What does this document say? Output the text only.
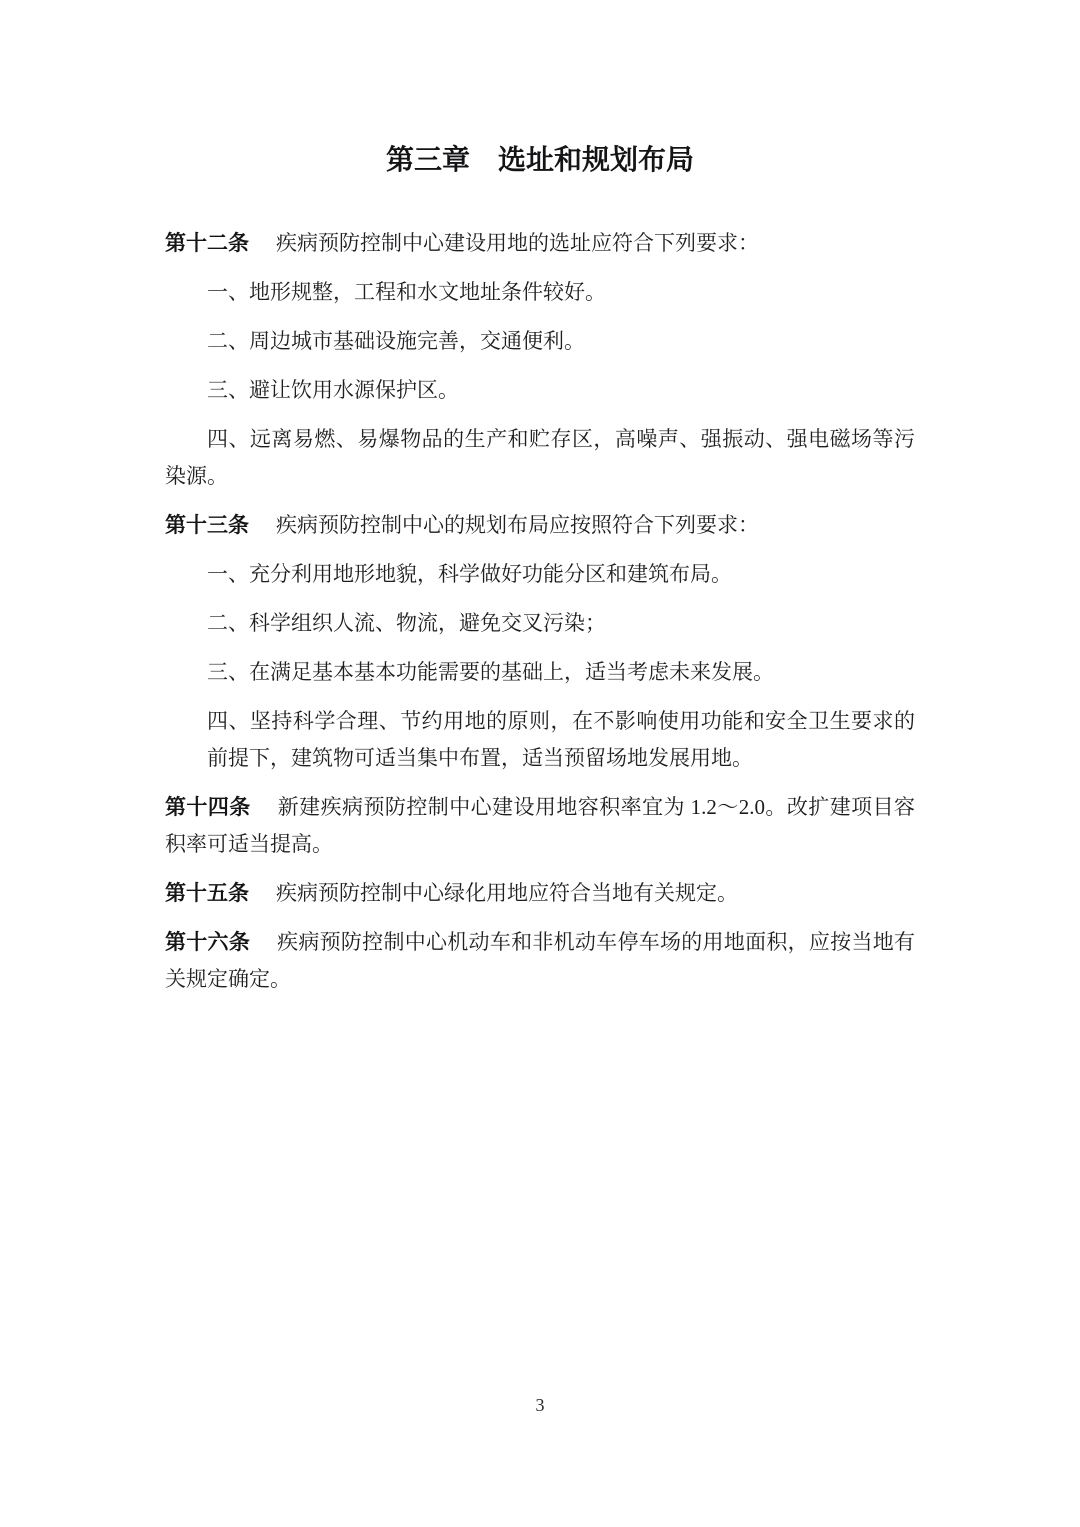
第三章　选址和规划布局

第十二条 疾病预防控制中心建设用地的选址应符合下列要求：

一、地形规整，工程和水文地址条件较好。

二、周边城市基础设施完善，交通便利。

三、避让饮用水源保护区。

四、远离易燃、易爆物品的生产和贮存区，高噪声、强振动、强电磁场等污染源。

第十三条 疾病预防控制中心的规划布局应按照符合下列要求：

一、充分利用地形地貌，科学做好功能分区和建筑布局。

二、科学组织人流、物流，避免交叉污染；

三、在满足基本基本功能需要的基础上，适当考虑未来发展。

四、坚持科学合理、节约用地的原则，在不影响使用功能和安全卫生要求的前提下，建筑物可适当集中布置，适当预留场地发展用地。

第十四条 新建疾病预防控制中心建设用地容积率宜为 1.2～2.0。改扩建项目容积率可适当提高。

第十五条 疾病预防控制中心绿化用地应符合当地有关规定。

第十六条 疾病预防控制中心机动车和非机动车停车场的用地面积，应按当地有关规定确定。

3
